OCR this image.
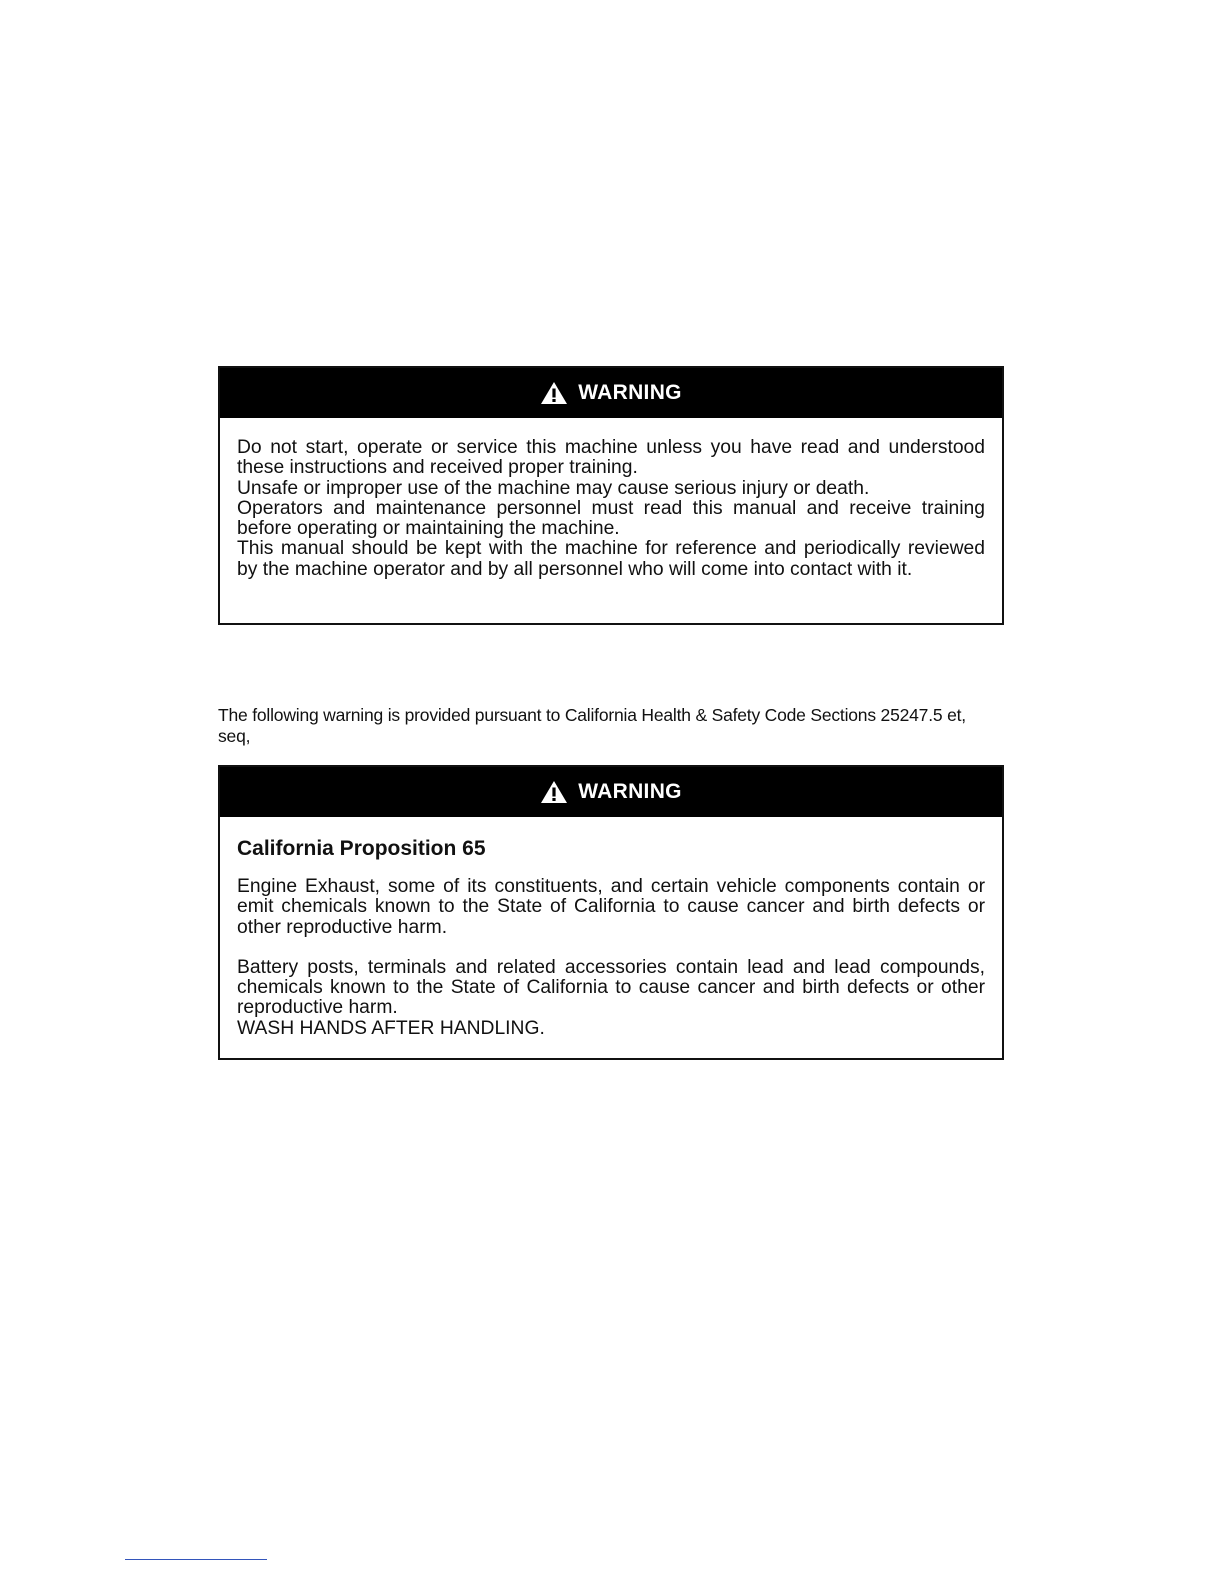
WARNING

Do not start, operate or service this machine unless you have read and understood these instructions and received proper training.

Unsafe or improper use of the machine may cause serious injury or death.

Operators and maintenance personnel must read this manual and receive training before operating or maintaining the machine.

This manual should be kept with the machine for reference and periodically reviewed by the machine operator and by all personnel who will come into contact with it.

The following warning is provided pursuant to California Health & Safety Code Sections 25247.5 et, seq,
WARNING
California Proposition 65

Engine Exhaust, some of its constituents, and certain vehicle components contain or emit chemicals known to the State of California to cause cancer and birth defects or other reproductive harm.

Battery posts, terminals and related accessories contain lead and lead compounds, chemicals known to the State of California to cause cancer and birth defects or other reproductive harm.

WASH HANDS AFTER HANDLING.
